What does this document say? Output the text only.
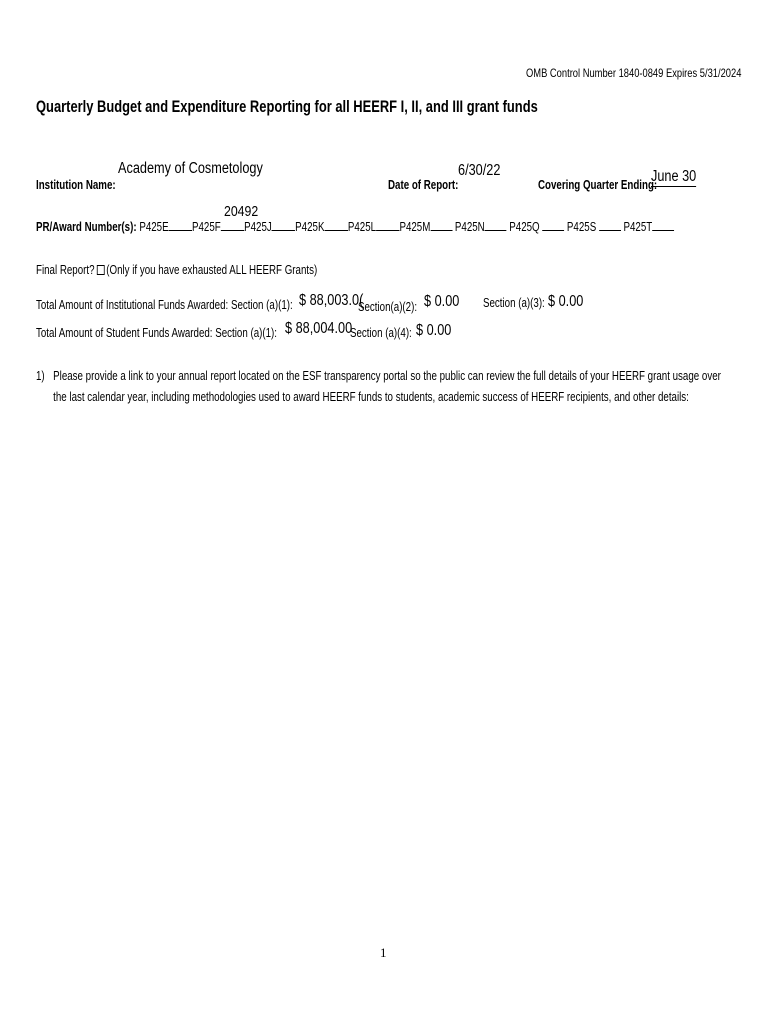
OMB Control Number 1840-0849 Expires 5/31/2024
Quarterly Budget and Expenditure Reporting for all HEERF I, II, and III grant funds
Institution Name:
Academy of Cosmetology
Date of Report:
6/30/22
Covering Quarter Ending:
June 30
20492
PR/Award Number(s): P425E P425F P425J P425K P425L P425M P425N P425Q P425S P425T
Final Report? (Only if you have exhausted ALL HEERF Grants)
Total Amount of Institutional Funds Awarded: Section (a)(1): $ 88,003.0(
Section(a)(2): $ 0.00 Section (a)(3): $ 0.00
Total Amount of Student Funds Awarded: Section (a)(1): $ 88,004.00
Section (a)(4): $ 0.00
1) Please provide a link to your annual report located on the ESF transparency portal so the public can review the full details of your HEERF grant usage over the last calendar year, including methodologies used to award HEERF funds to students, academic success of HEERF recipients, and other details:
1
